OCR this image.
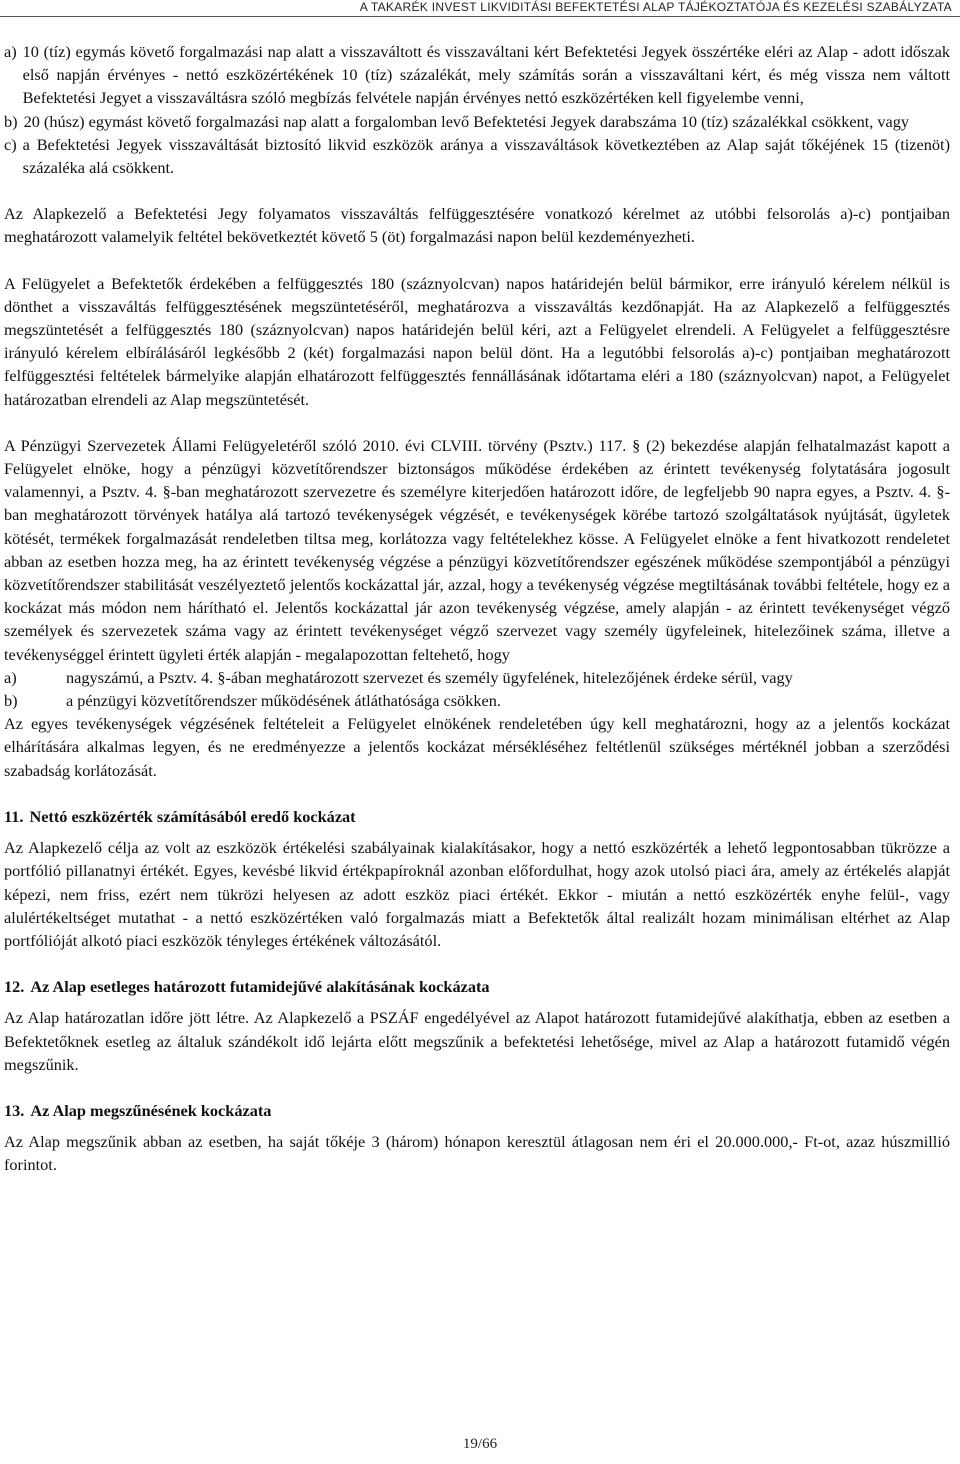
A TAKARÉK INVEST LIKVIDITÁSI BEFEKTETÉSI ALAP TÁJÉKOZTATÓJA ÉS KEZELÉSI SZABÁLYZATA
a) 10 (tíz) egymás követő forgalmazási nap alatt a visszaváltott és visszaváltani kért Befektetési Jegyek összértéke eléri az Alap - adott időszak első napján érvényes - nettó eszközértékének 10 (tíz) százalékát, mely számítás során a visszaváltani kért, és még vissza nem váltott Befektetési Jegyet a visszaváltásra szóló megbízás felvétele napján érvényes nettó eszközértéken kell figyelembe venni,
b) 20 (húsz) egymást követő forgalmazási nap alatt a forgalomban levő Befektetési Jegyek darabszáma 10 (tíz) százalékkal csökkent, vagy
c) a Befektetési Jegyek visszaváltását biztosító likvid eszközök aránya a visszaváltások következtében az Alap saját tőkéjének 15 (tizenöt) százaléka alá csökkent.

Az Alapkezelő a Befektetési Jegy folyamatos visszaváltás felfüggesztésére vonatkozó kérelmet az utóbbi felsorolás a)-c) pontjaiban meghatározott valamelyik feltétel bekövetkeztét követő 5 (öt) forgalmazási napon belül kezdeményezheti.

A Felügyelet a Befektetők érdekében a felfüggesztés 180 (száznyolcvan) napos határidején belül bármikor, erre irányuló kérelem nélkül is dönthet a visszaváltás felfüggesztésének megszüntetéséről, meghatározva a visszaváltás kezdőnapját. Ha az Alapkezelő a felfüggesztés megszüntetését a felfüggesztés 180 (száznyolcvan) napos határidején belül kéri, azt a Felügyelet elrendeli. A Felügyelet a felfüggesztésre irányuló kérelem elbírálásáról legkésőbb 2 (két) forgalmazási napon belül dönt. Ha a legutóbbi felsorolás a)-c) pontjaiban meghatározott felfüggesztési feltételek bármelyike alapján elhatározott felfüggesztés fennállásának időtartama eléri a 180 (száznyolcvan) napot, a Felügyelet határozatban elrendeli az Alap megszüntetését.

A Pénzügyi Szervezetek Állami Felügyeletéről szóló 2010. évi CLVIII. törvény (Psztv.) 117. § (2) bekezdése alapján felhatalmazást kapott a Felügyelet elnöke, hogy a pénzügyi közvetítőrendszer biztonságos működése érdekében az érintett tevékenység folytatására jogosult valamennyi, a Psztv. 4. §-ban meghatározott szervezetre és személyre kiterjedően határozott időre, de legfeljebb 90 napra egyes, a Psztv. 4. §-ban meghatározott törvények hatálya alá tartozó tevékenységek végzését, e tevékenységek körébe tartozó szolgáltatások nyújtását, ügyletek kötését, termékek forgalmazását rendeletben tiltsa meg, korlátozza vagy feltételekhez kösse. A Felügyelet elnöke a fent hivatkozott rendeletet abban az esetben hozza meg, ha az érintett tevékenység végzése a pénzügyi közvetítőrendszer egészének működése szempontjából a pénzügyi közvetítőrendszer stabilitását veszélyeztető jelentős kockázattal jár, azzal, hogy a tevékenység végzése megtiltásának további feltétele, hogy ez a kockázat más módon nem hárítható el. Jelentős kockázattal jár azon tevékenység végzése, amely alapján - az érintett tevékenységet végző személyek és szervezetek száma vagy az érintett tevékenységet végző szervezet vagy személy ügyfeleinek, hitelezőinek száma, illetve a tevékenységgel érintett ügyleti érték alapján - megalapozottan feltehető, hogy

a)	nagyszámú, a Psztv. 4. §-ában meghatározott szervezet és személy ügyfelének, hitelezőjének érdeke sérül, vagy
b)	a pénzügyi közvetítőrendszer működésének átláthatósága csökken.

Az egyes tevékenységek végzésének feltételeit a Felügyelet elnökének rendeletében úgy kell meghatározni, hogy az a jelentős kockázat elhárítására alkalmas legyen, és ne eredményezze a jelentős kockázat mérsékléséhez feltétlenül szükséges mértéknél jobban a szerződési szabadság korlátozását.

11. Nettó eszközérték számításából eredő kockázat

Az Alapkezelő célja az volt az eszközök értékelési szabályainak kialakításakor, hogy a nettó eszközérték a lehető legpontosabban tükrözze a portfólió pillanatnyi értékét. Egyes, kevésbé likvid értékpapíroknál azonban előfordulhat, hogy azok utolsó piaci ára, amely az értékelés alapját képezi, nem friss, ezért nem tükrözi helyesen az adott eszköz piaci értékét. Ekkor - miután a nettó eszközérték enyhe felül-, vagy alulértékeltséget mutathat - a nettó eszközértéken való forgalmazás miatt a Befektetők által realizált hozam minimálisan eltérhet az Alap portfólióját alkotó piaci eszközök tényleges értékének változásától.

12. Az Alap esetleges határozott futamidejűvé alakításának kockázata

Az Alap határozatlan időre jött létre. Az Alapkezelő a PSZÁF engedélyével az Alapot határozott futamidejűvé alakíthatja, ebben az esetben a Befektetőknek esetleg az általuk szándékolt idő lejárta előtt megszűnik a befektetési lehetősége, mivel az Alap a határozott futamidő végén megszűnik.

13. Az Alap megszűnésének kockázata

Az Alap megszűnik abban az esetben, ha saját tőkéje 3 (három) hónapon keresztül átlagosan nem éri el 20.000.000,- Ft-ot, azaz húszmillió forintot.

19/66
